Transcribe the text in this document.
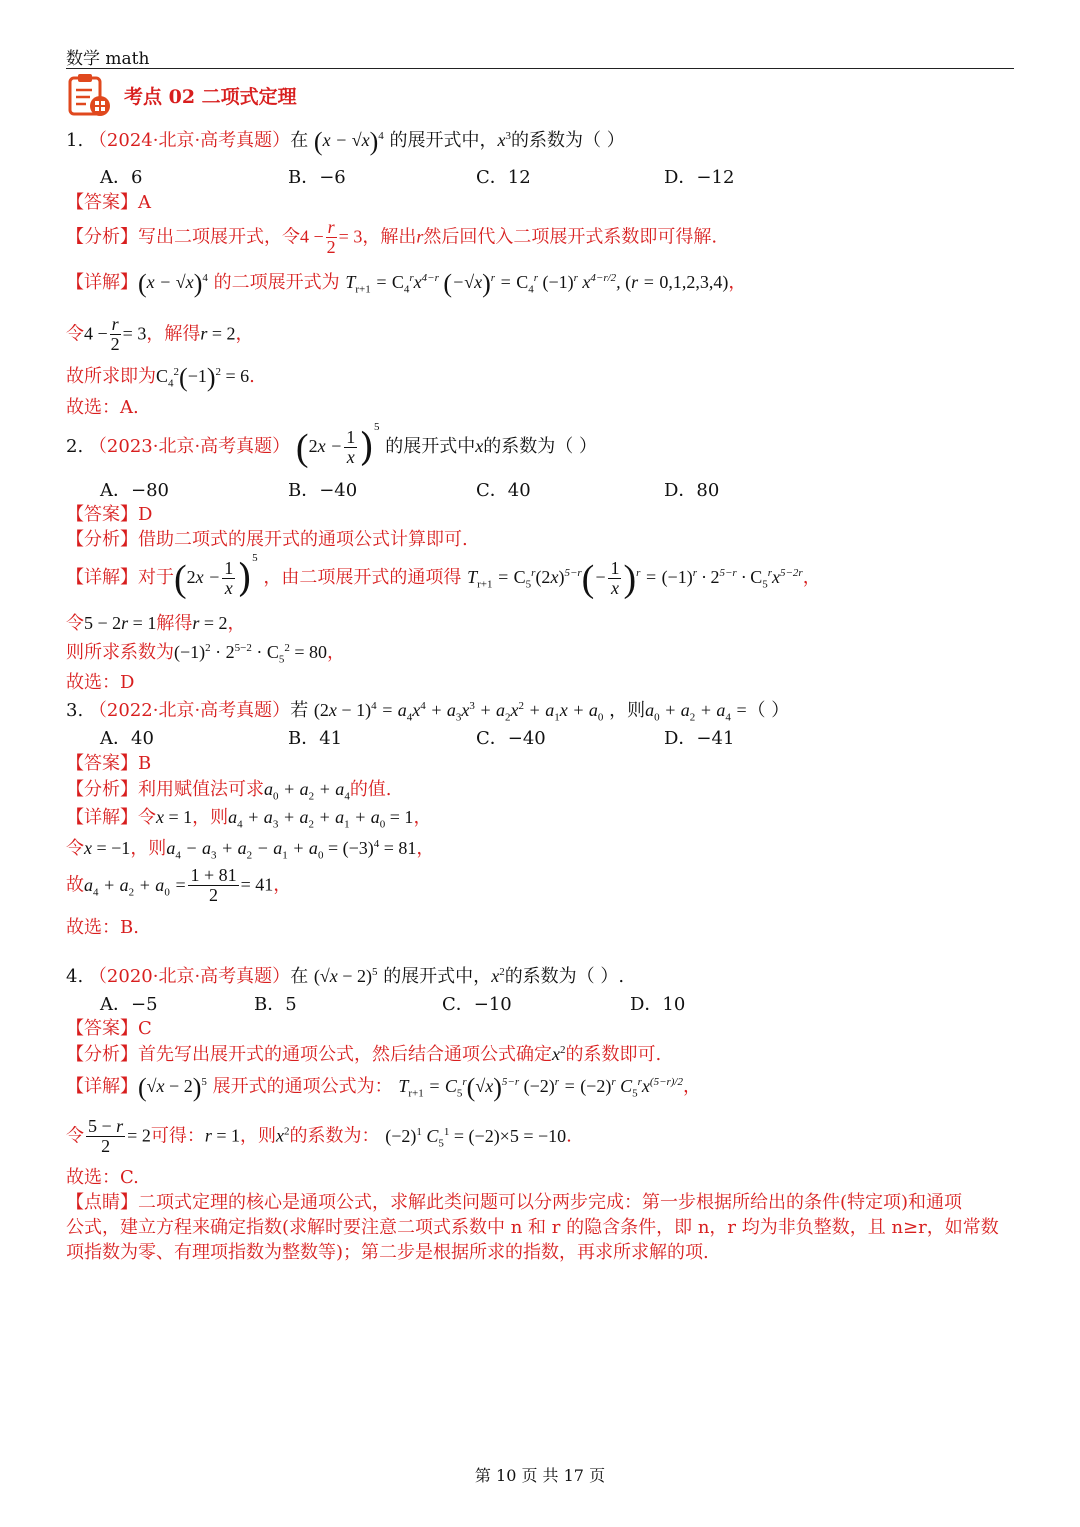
数学 math
考点 02 二项式定理
1. （2024·北京·高考真题）在 $(x - √x)^4$ 的展开式中，$x^3$的系数为（ ）
A．6	B．−6	C．12	D．−12
【答案】A
【分析】写出二项展开式，令$4 - \frac{r}{2} = 3$，解出r然后回代入二项展开式系数即可得解.
【详解】$(x - √x)^4$ 的二项展开式为 $T_{r+1} = C_4^rx^{4-r}$ $(-√x)^r = C_4^r$ $(-1)^r$ $x^{4-r/2}$, (r = 0,1,2,3,4)，
令$4 - \frac{r}{2} = 3$，解得r = 2，
故所求即为$C_4^2(-1)^2 = 6$.
故选：A.
2. （2023·北京·高考真题） $(2x - \frac{1}{x} )^5$ 的展开式中x的系数为（ ）
A．−80	B．−40	C．40	D．80
【答案】D
【分析】借助二项式的展开式的通项公式计算即可.
【详解】对于$(2x - \frac{1}{x} )^5$ ，由二项展开式的通项得 $T_{r+1} = C_5^r(2x)^{5-r}(- \frac{1}{x} )^r = (-1)^r \cdot 2^{5-r} \cdot C_5^rx^{5-2r}$，
令5 − 2r = 1解得r = 2，
则所求系数为$(-1)^2 \cdot 2^{5-2} \cdot C_5^2 = 80$，
故选：D
3. （2022·北京·高考真题）若 $(2x - 1)^4 = a_4x^4 + a_3x^3 + a_2x^2 + a_1x + a_0$ ，则$a_0 + a_2 + a_4$ =（ ）
A．40	B．41	C．−40	D．−41
【答案】B
【分析】利用赋值法可求$a_0 + a_2 + a_4$的值.
【详解】令x = 1，则$a_4 + a_3 + a_2 + a_1 + a_0 = 1$，
令x = −1，则$a_4 - a_3 + a_2 - a_1 + a_0 = (-3)^4 = 81$，
故$a_4 + a_2 + a_0 = \frac{1 + 81}{2} = 41$，
故选：B.
4. （2020·北京·高考真题）在 $(√x - 2)^5$ 的展开式中，$x^2$的系数为（ ）.
A．−5	B．5	C．−10	D．10
【答案】C
【分析】首先写出展开式的通项公式，然后结合通项公式确定$x^2$的系数即可.
【详解】$(√x - 2)^5$ 展开式的通项公式为： $T_{r+1} = C_5^r(√x)^{5-r}$ $(-2)^r = (-2)^r$ $C_5^rx^{(5-r)/2}$，
令 $\frac{5 - r}{2} = 2$可得：r = 1，则$x^2$的系数为： $(-2)^1$ $C_5^1 = (-2)\times 5 = -10$.
故选：C.
【点睛】二项式定理的核心是通项公式，求解此类问题可以分两步完成：第一步根据所给出的条件(特定项)和通项
公式，建立方程来确定指数(求解时要注意二项式系数中 n 和 r 的隐含条件，即 n，r 均为非负整数，且 n≥r，如常数
项指数为零、有理项指数为整数等)；第二步是根据所求的指数，再求所求解的项.
第 10 页 共 17 页
